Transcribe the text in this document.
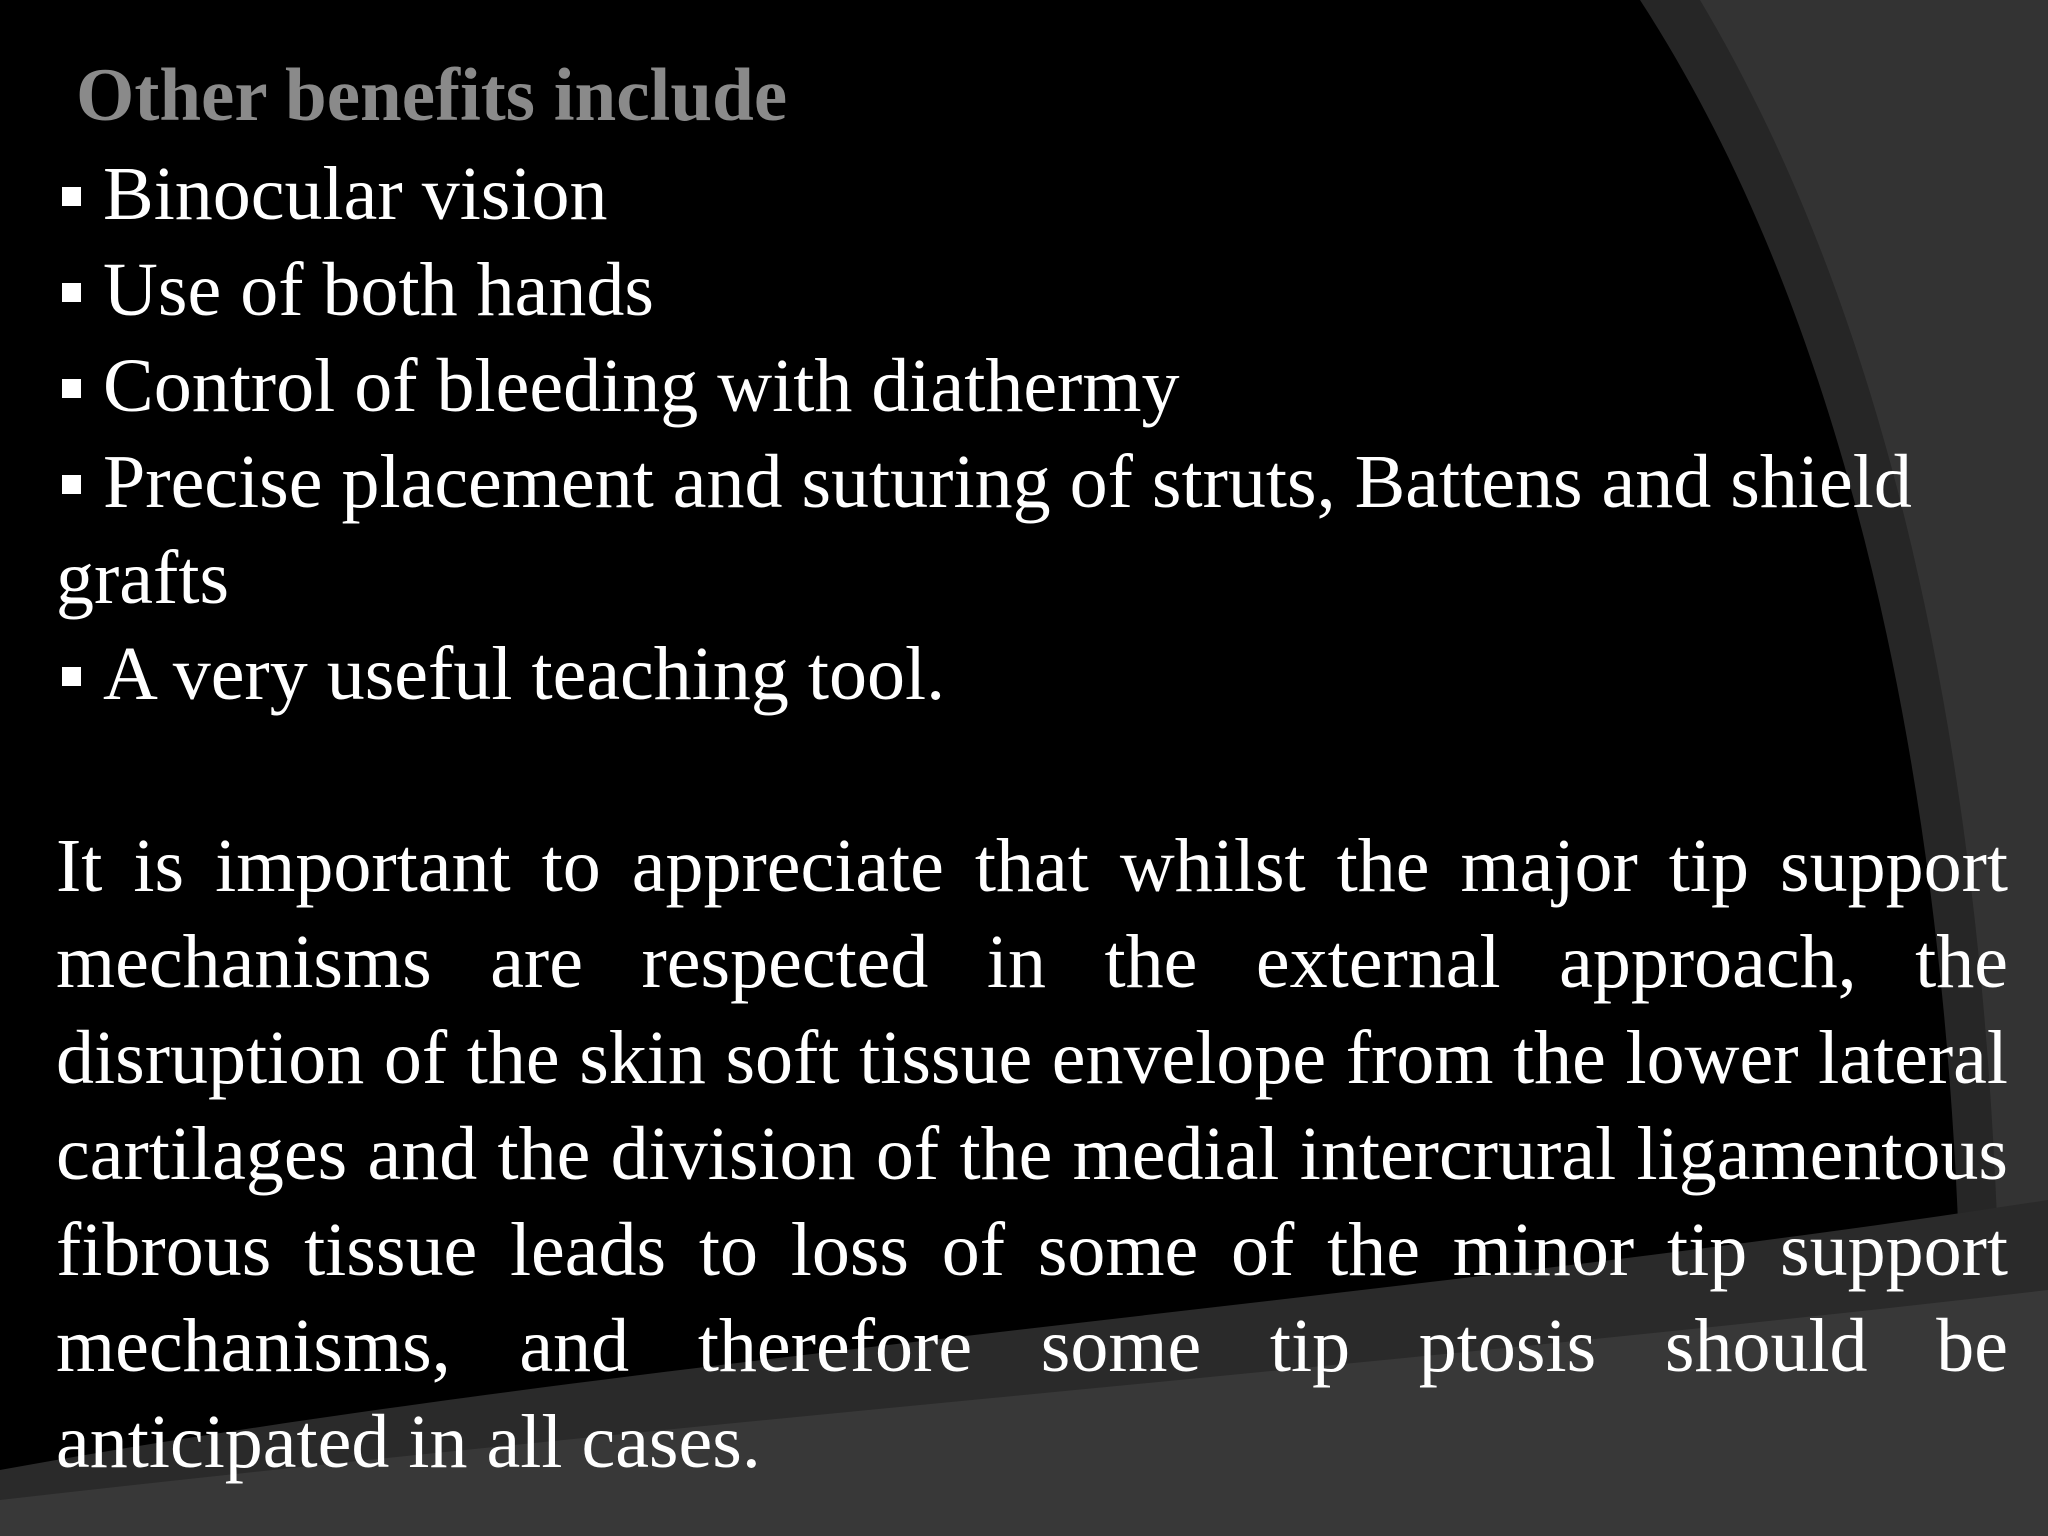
Other benefits include
Binocular vision
Use of both hands
Control of bleeding with diathermy
Precise placement and suturing of struts, Battens and shield grafts
A very useful teaching tool.

It is important to appreciate that whilst the major tip support mechanisms are respected in the external approach, the disruption of the skin soft tissue envelope from the lower lateral cartilages and the division of the medial intercrural ligamentous fibrous tissue leads to loss of some of the minor tip support mechanisms, and therefore some tip ptosis should be anticipated in all cases.
